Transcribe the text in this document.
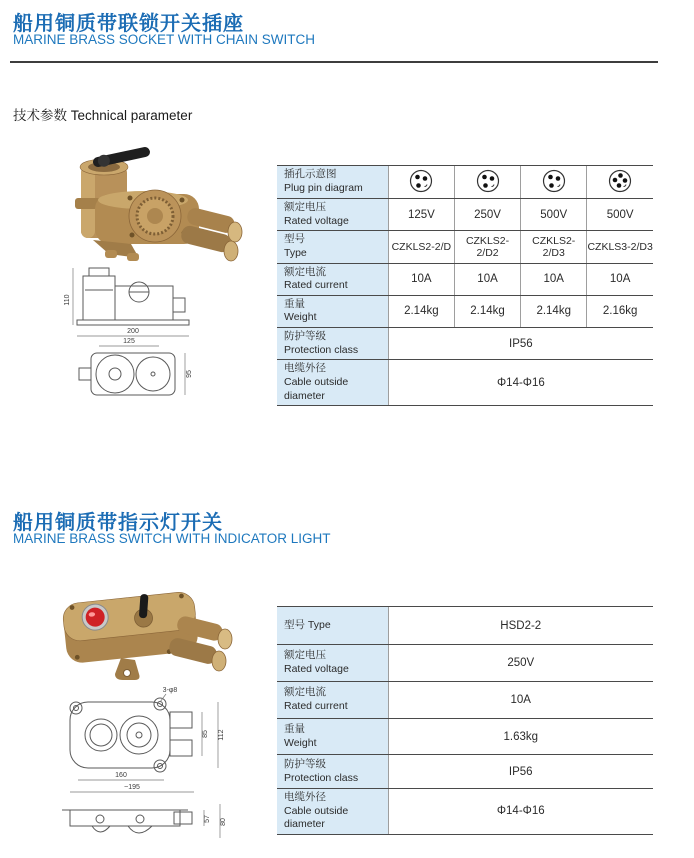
船用铜质带联锁开关插座
MARINE BRASS SOCKET WITH CHAIN SWITCH
技术参数 Technical parameter
110
200
125
95
插孔示意图
Plug pin diagram

额定电压
Rated voltage	125V	250V	500V	500V

型号
Type	CZKLS2-2/D	CZKLS2-2/D2	CZKLS2-2/D3	CZKLS3-2/D3

额定电流
Rated current	10A	10A	10A	10A

重量
Weight	2.14kg	2.14kg	2.14kg	2.16kg

防护等级
Protection class	IP56			

电缆外径
Cable outside diameter	Φ14-Φ16			
船用铜质带指示灯开关
MARINE BRASS SWITCH WITH INDICATOR LIGHT
3-φ8
85 112
160
~195
57 80
型号 Type	HSD2-2

额定电压
Rated voltage	250V

额定电流
Rated current	10A

重量
Weight	1.63kg

防护等级
Protection class	IP56

电缆外径
Cable outside diameter	Φ14-Φ16
